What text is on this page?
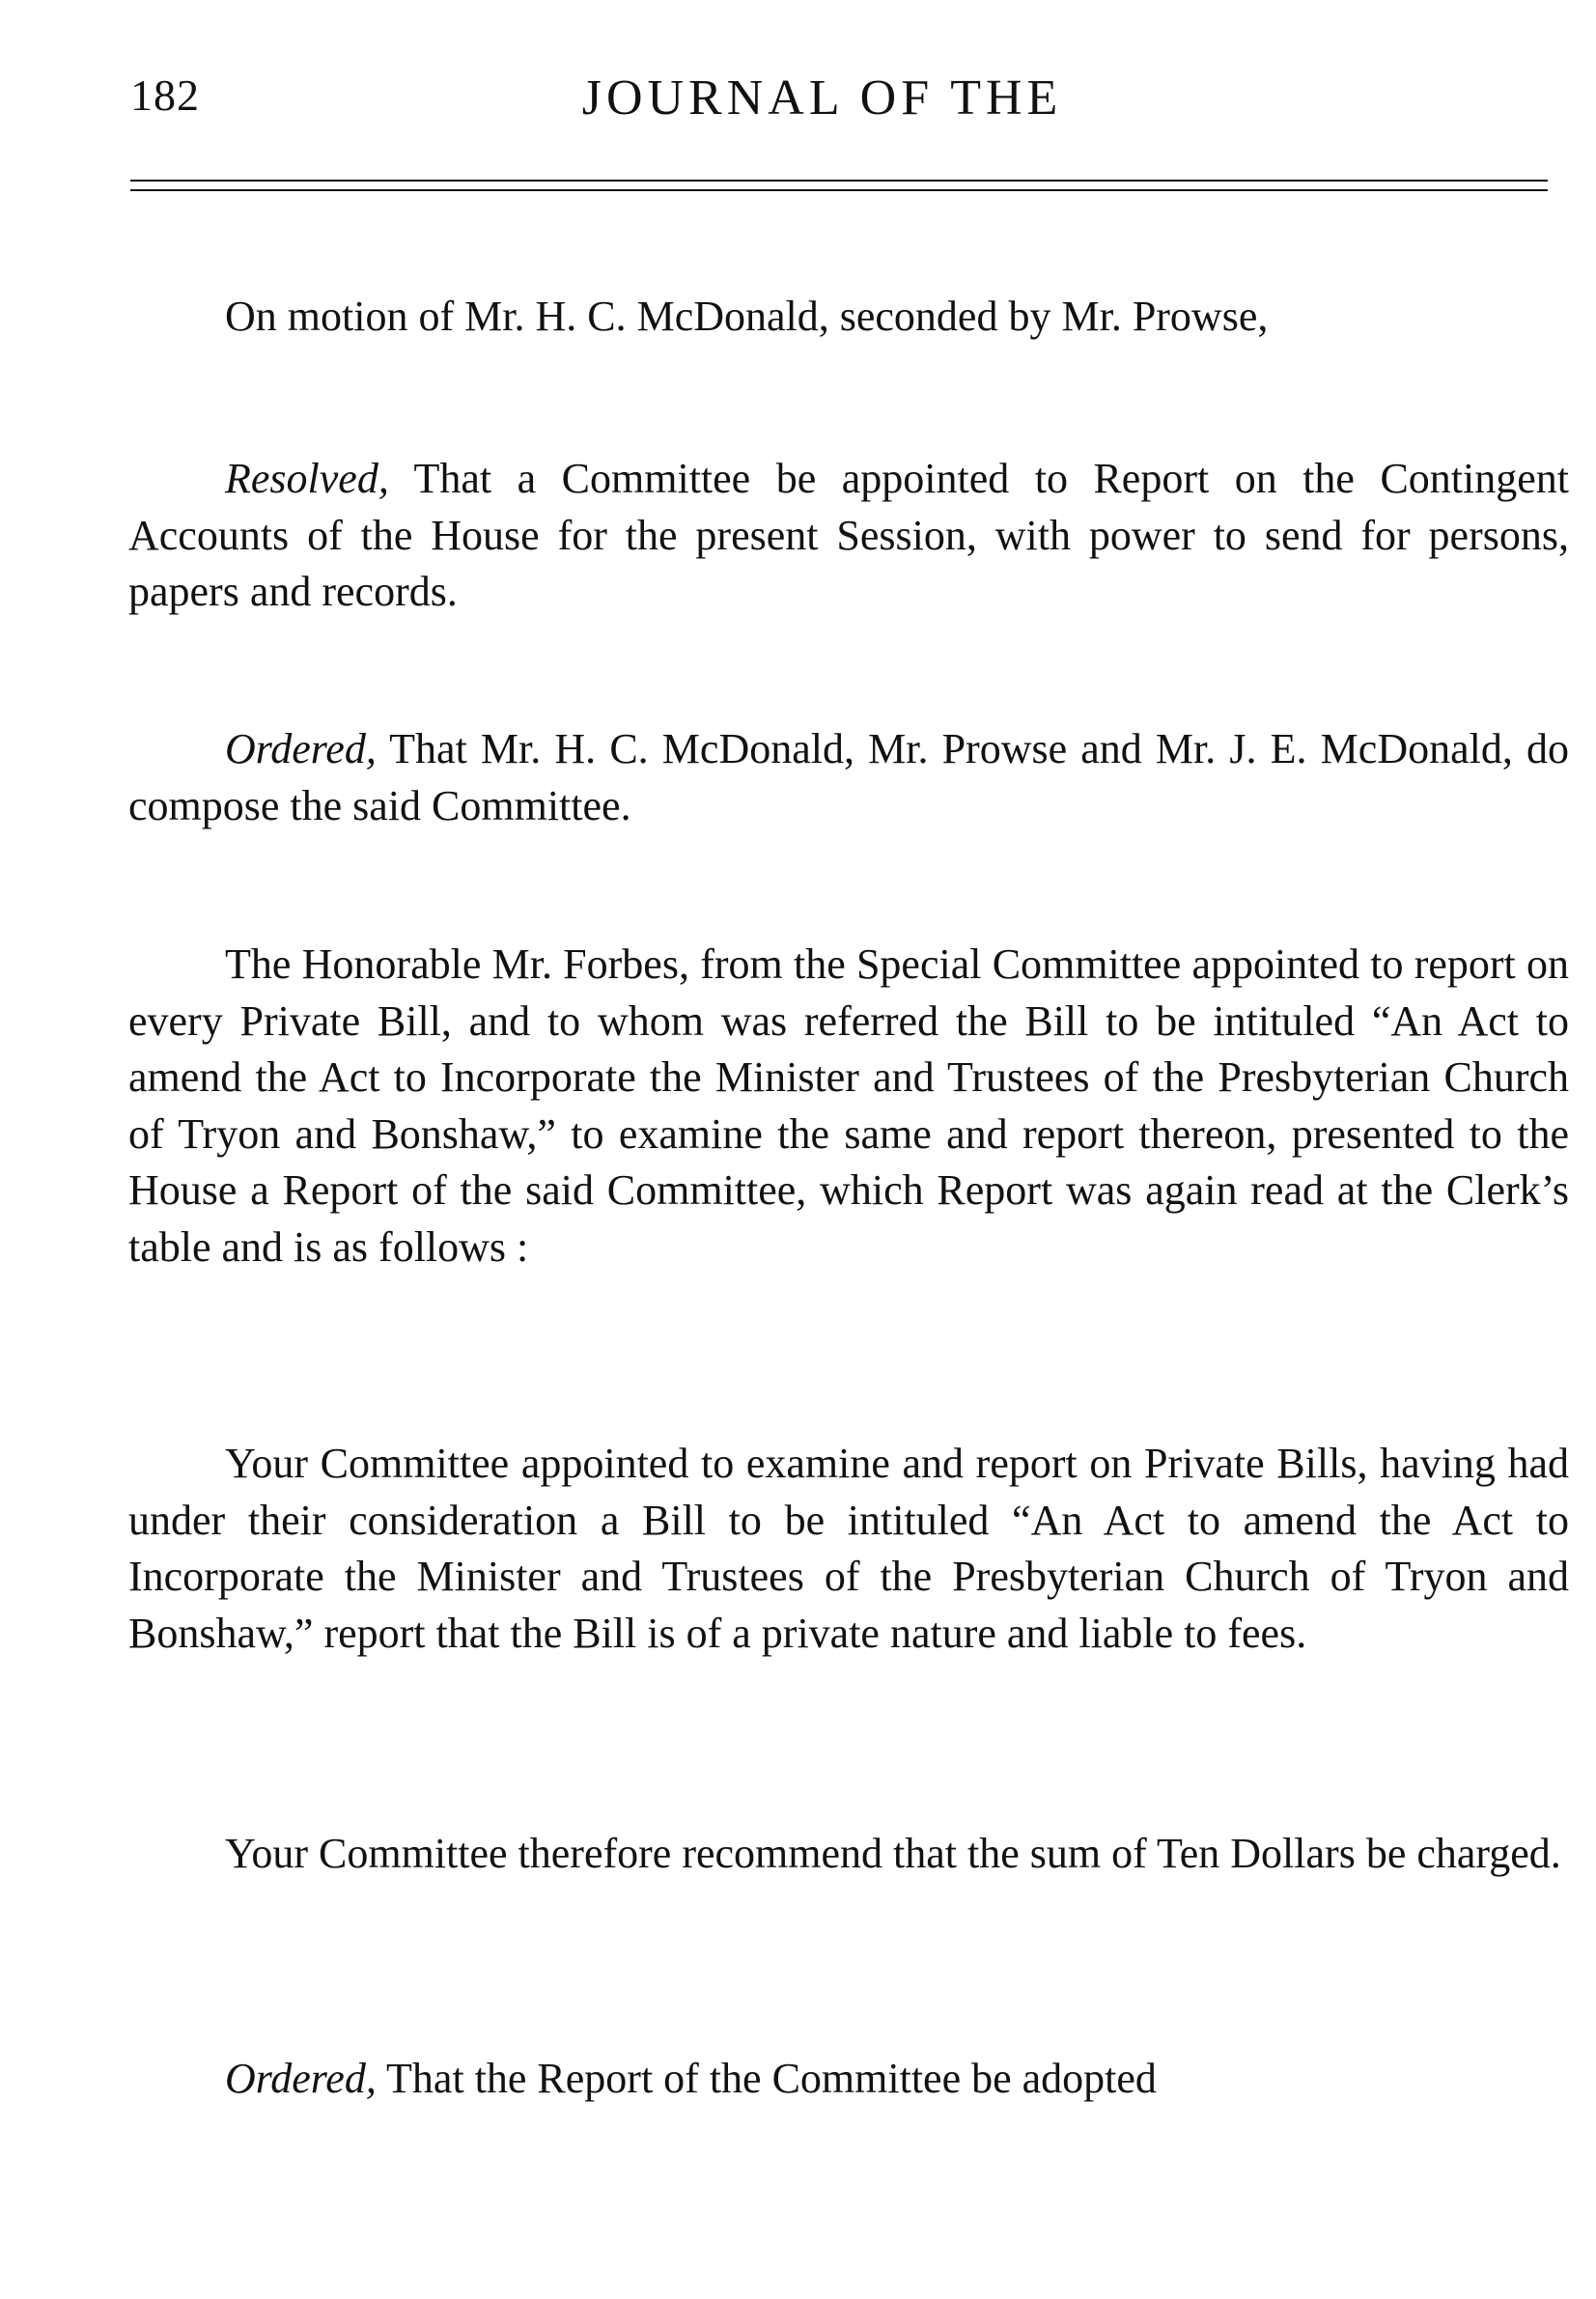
182	JOURNAL OF THE

On motion of Mr. H. C. McDonald, seconded by Mr. Prowse,

Resolved, That a Committee be appointed to Report on the Contingent Accounts of the House for the present Session, with power to send for persons, papers and records.

Ordered, That Mr. H. C. McDonald, Mr. Prowse and Mr. J. E. McDonald, do compose the said Committee.

The Honorable Mr. Forbes, from the Special Committee appointed to report on every Private Bill, and to whom was referred the Bill to be intituled “An Act to amend the Act to Incorporate the Minister and Trustees of the Presbyterian Church of Tryon and Bonshaw,” to examine the same and report thereon, presented to the House a Report of the said Committee, which Report was again read at the Clerk’s table and is as follows :

Your Committee appointed to examine and report on Private Bills, having had under their consideration a Bill to be intituled “An Act to amend the Act to Incorporate the Minister and Trustees of the Presbyterian Church of Tryon and Bonshaw,” report that the Bill is of a private nature and liable to fees.

Your Committee therefore recommend that the sum of Ten Dollars be charged.

Ordered, That the Report of the Committee be adopted
